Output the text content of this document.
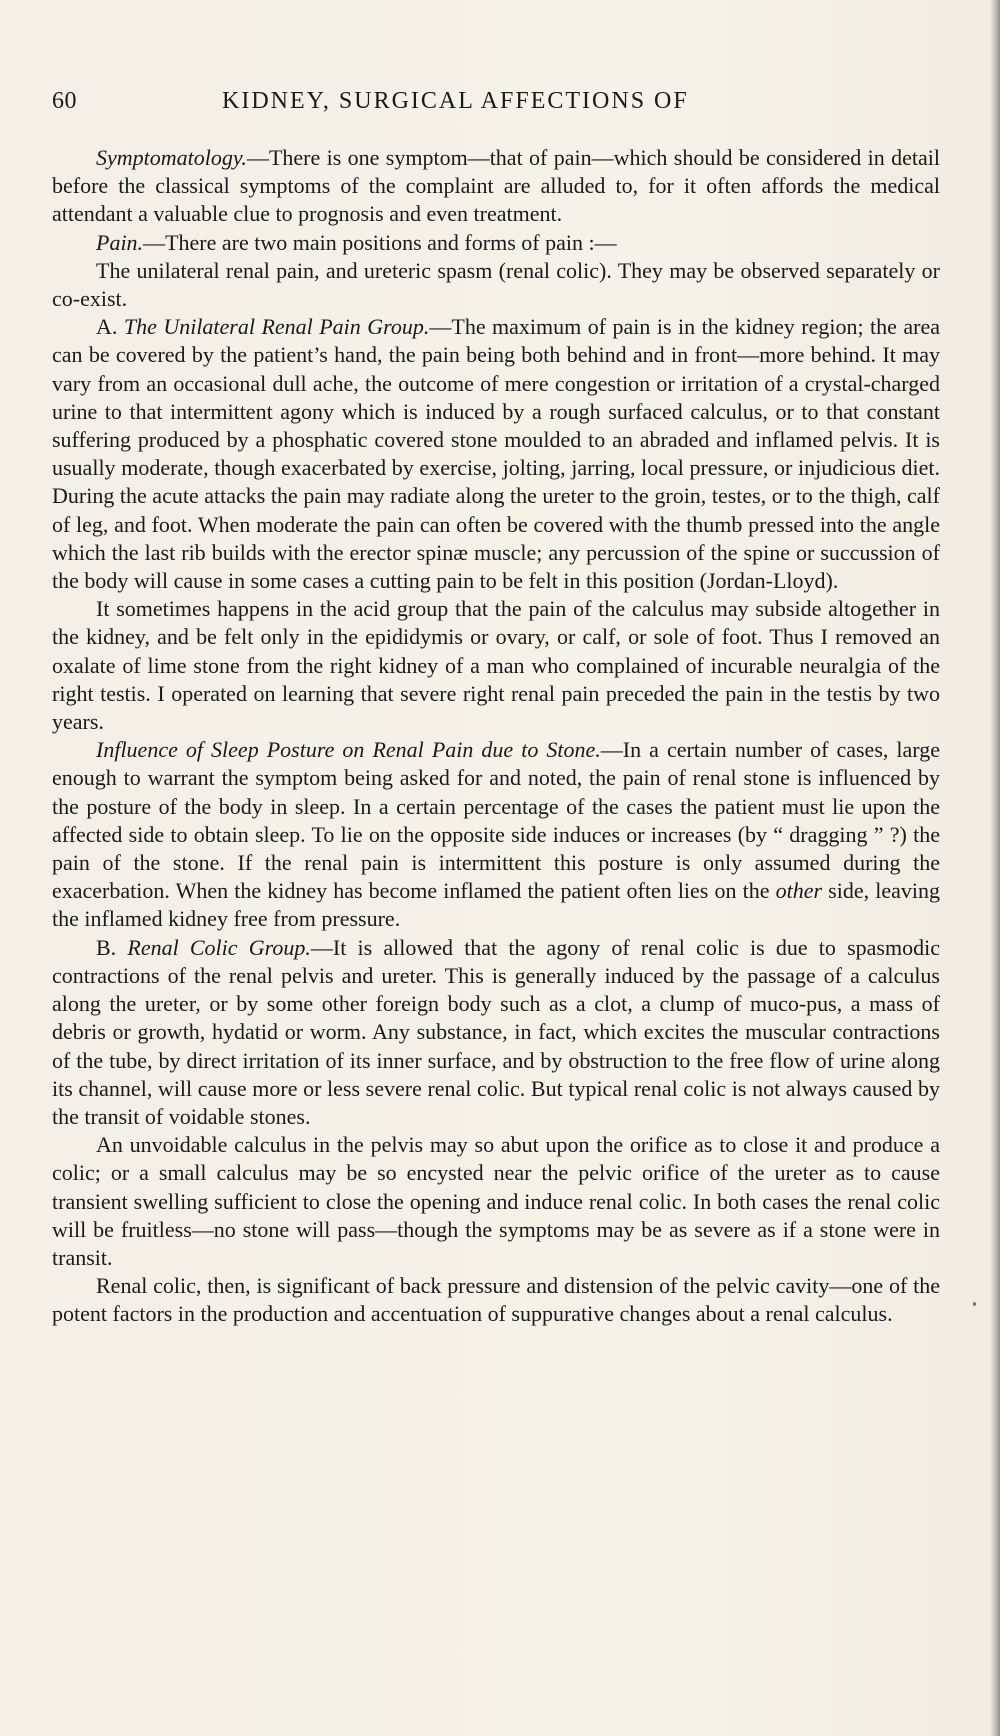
60	KIDNEY, SURGICAL AFFECTIONS OF

Symptomatology.—There is one symptom—that of pain—which should be considered in detail before the classical symptoms of the complaint are alluded to, for it often affords the medical attendant a valuable clue to prognosis and even treatment.

Pain.—There are two main positions and forms of pain :—

The unilateral renal pain, and ureteric spasm (renal colic). They may be observed separately or co-exist.

A. The Unilateral Renal Pain Group.—The maximum of pain is in the kidney region; the area can be covered by the patient’s hand, the pain being both behind and in front—more behind. It may vary from an occasional dull ache, the outcome of mere congestion or irritation of a crystal-charged urine to that intermittent agony which is induced by a rough surfaced calculus, or to that constant suffering produced by a phosphatic covered stone moulded to an abraded and inflamed pelvis. It is usually moderate, though exacerbated by exercise, jolting, jarring, local pressure, or injudicious diet. During the acute attacks the pain may radiate along the ureter to the groin, testes, or to the thigh, calf of leg, and foot. When moderate the pain can often be covered with the thumb pressed into the angle which the last rib builds with the erector spinæ muscle; any percussion of the spine or succussion of the body will cause in some cases a cutting pain to be felt in this position (Jordan-Lloyd).

It sometimes happens in the acid group that the pain of the calculus may subside altogether in the kidney, and be felt only in the epididymis or ovary, or calf, or sole of foot. Thus I removed an oxalate of lime stone from the right kidney of a man who complained of incurable neuralgia of the right testis. I operated on learning that severe right renal pain preceded the pain in the testis by two years.

Influence of Sleep Posture on Renal Pain due to Stone.—In a certain number of cases, large enough to warrant the symptom being asked for and noted, the pain of renal stone is influenced by the posture of the body in sleep. In a certain percentage of the cases the patient must lie upon the affected side to obtain sleep. To lie on the opposite side induces or increases (by “ dragging ” ?) the pain of the stone. If the renal pain is intermittent this posture is only assumed during the exacerbation. When the kidney has become inflamed the patient often lies on the other side, leaving the inflamed kidney free from pressure.

B. Renal Colic Group.—It is allowed that the agony of renal colic is due to spasmodic contractions of the renal pelvis and ureter. This is generally induced by the passage of a calculus along the ureter, or by some other foreign body such as a clot, a clump of muco-pus, a mass of debris or growth, hydatid or worm. Any substance, in fact, which excites the muscular contractions of the tube, by direct irritation of its inner surface, and by obstruction to the free flow of urine along its channel, will cause more or less severe renal colic. But typical renal colic is not always caused by the transit of voidable stones.

An unvoidable calculus in the pelvis may so abut upon the orifice as to close it and produce a colic; or a small calculus may be so encysted near the pelvic orifice of the ureter as to cause transient swelling sufficient to close the opening and induce renal colic. In both cases the renal colic will be fruitless—no stone will pass—though the symptoms may be as severe as if a stone were in transit.

Renal colic, then, is significant of back pressure and distension of the pelvic cavity—one of the potent factors in the production and accentuation of suppurative changes about a renal calculus.
